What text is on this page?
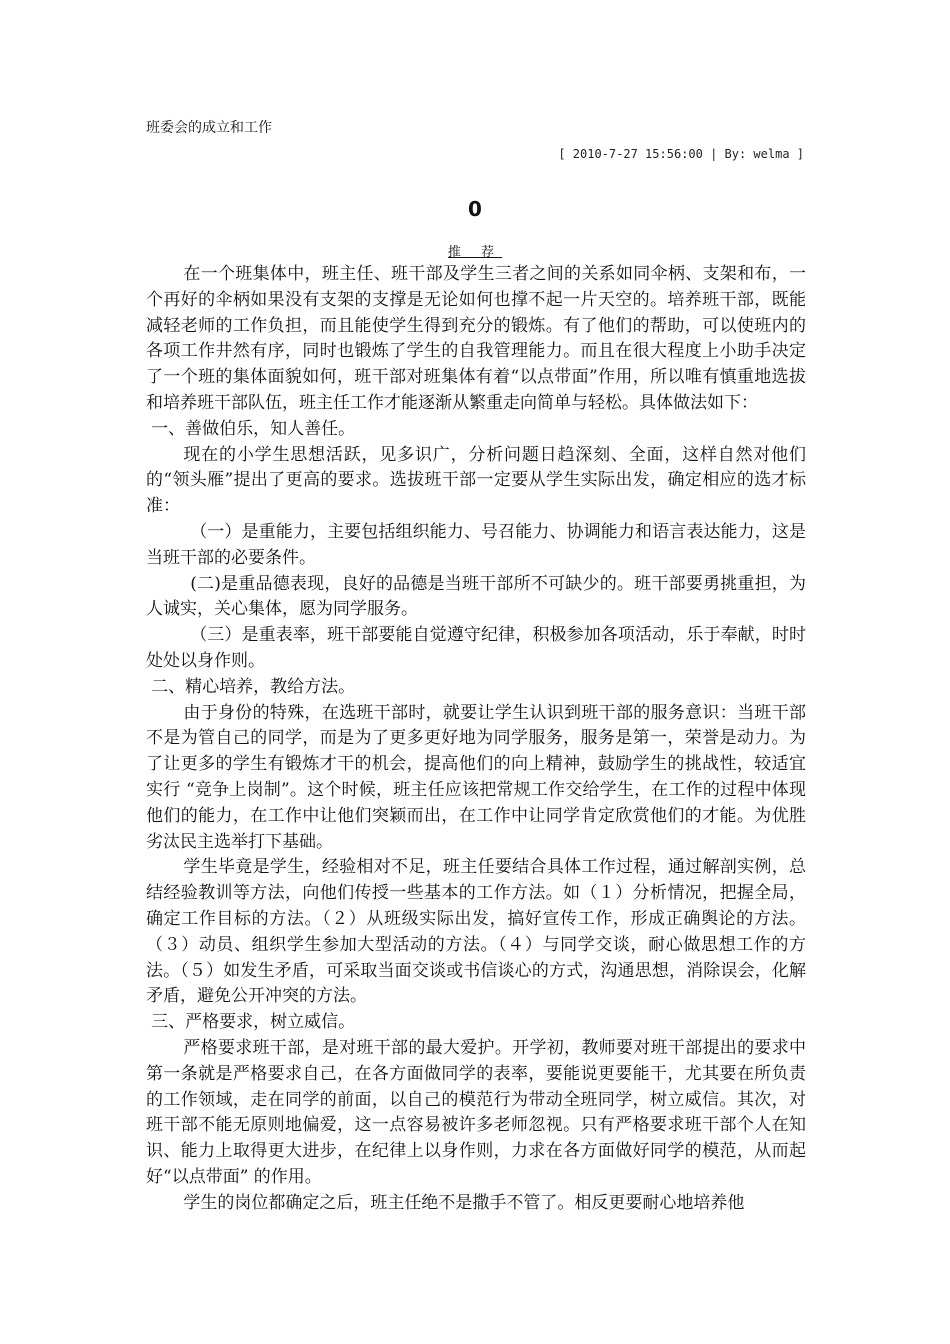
班委会的成立和工作
[ 2010-7-27 15:56:00 | By: welma ]
0
推 荐

在一个班集体中，班主任、班干部及学生三者之间的关系如同伞柄、支架和布，一个再好的伞柄如果没有支架的支撑是无论如何也撑不起一片天空的。培养班干部，既能减轻老师的工作负担，而且能使学生得到充分的锻炼。有了他们的帮助，可以使班内的各项工作井然有序，同时也锻炼了学生的自我管理能力。而且在很大程度上小助手决定了一个班的集体面貌如何，班干部对班集体有着“以点带面”作用，所以唯有慎重地选拔和培养班干部队伍，班主任工作才能逐渐从繁重走向简单与轻松。具体做法如下：

一、善做伯乐，知人善任。

现在的小学生思想活跃，见多识广，分析问题日趋深刻、全面，这样自然对他们的“领头雁”提出了更高的要求。选拔班干部一定要从学生实际出发，确定相应的选才标准：

（一）是重能力，主要包括组织能力、号召能力、协调能力和语言表达能力，这是当班干部的必要条件。

(二)是重品德表现，良好的品德是当班干部所不可缺少的。班干部要勇挑重担，为人诚实，关心集体，愿为同学服务。

（三）是重表率，班干部要能自觉遵守纪律，积极参加各项活动，乐于奉献，时时处处以身作则。

二、精心培养，教给方法。

由于身份的特殊，在选班干部时，就要让学生认识到班干部的服务意识：当班干部不是为管自己的同学，而是为了更多更好地为同学服务，服务是第一，荣誉是动力。为了让更多的学生有锻炼才干的机会，提高他们的向上精神，鼓励学生的挑战性，较适宜实行 “竞争上岗制”。这个时候，班主任应该把常规工作交给学生，在工作的过程中体现他们的能力，在工作中让他们突颖而出，在工作中让同学肯定欣赏他们的才能。为优胜劣汰民主选举打下基础。

学生毕竟是学生，经验相对不足，班主任要结合具体工作过程，通过解剖实例，总结经验教训等方法，向他们传授一些基本的工作方法。如（１）分析情况，把握全局，确定工作目标的方法。（２）从班级实际出发，搞好宣传工作，形成正确舆论的方法。（３）动员、组织学生参加大型活动的方法。（４）与同学交谈，耐心做思想工作的方法。（５）如发生矛盾，可采取当面交谈或书信谈心的方式，沟通思想，消除误会，化解矛盾，避免公开冲突的方法。

三、严格要求，树立威信。

严格要求班干部，是对班干部的最大爱护。开学初，教师要对班干部提出的要求中第一条就是严格要求自己，在各方面做同学的表率，要能说更要能干，尤其要在所负责的工作领域，走在同学的前面，以自己的模范行为带动全班同学，树立威信。其次，对班干部不能无原则地偏爱，这一点容易被许多老师忽视。只有严格要求班干部个人在知识、能力上取得更大进步，在纪律上以身作则，力求在各方面做好同学的模范，从而起好“以点带面” 的作用。

学生的岗位都确定之后，班主任绝不是撒手不管了。相反更要耐心地培养他
